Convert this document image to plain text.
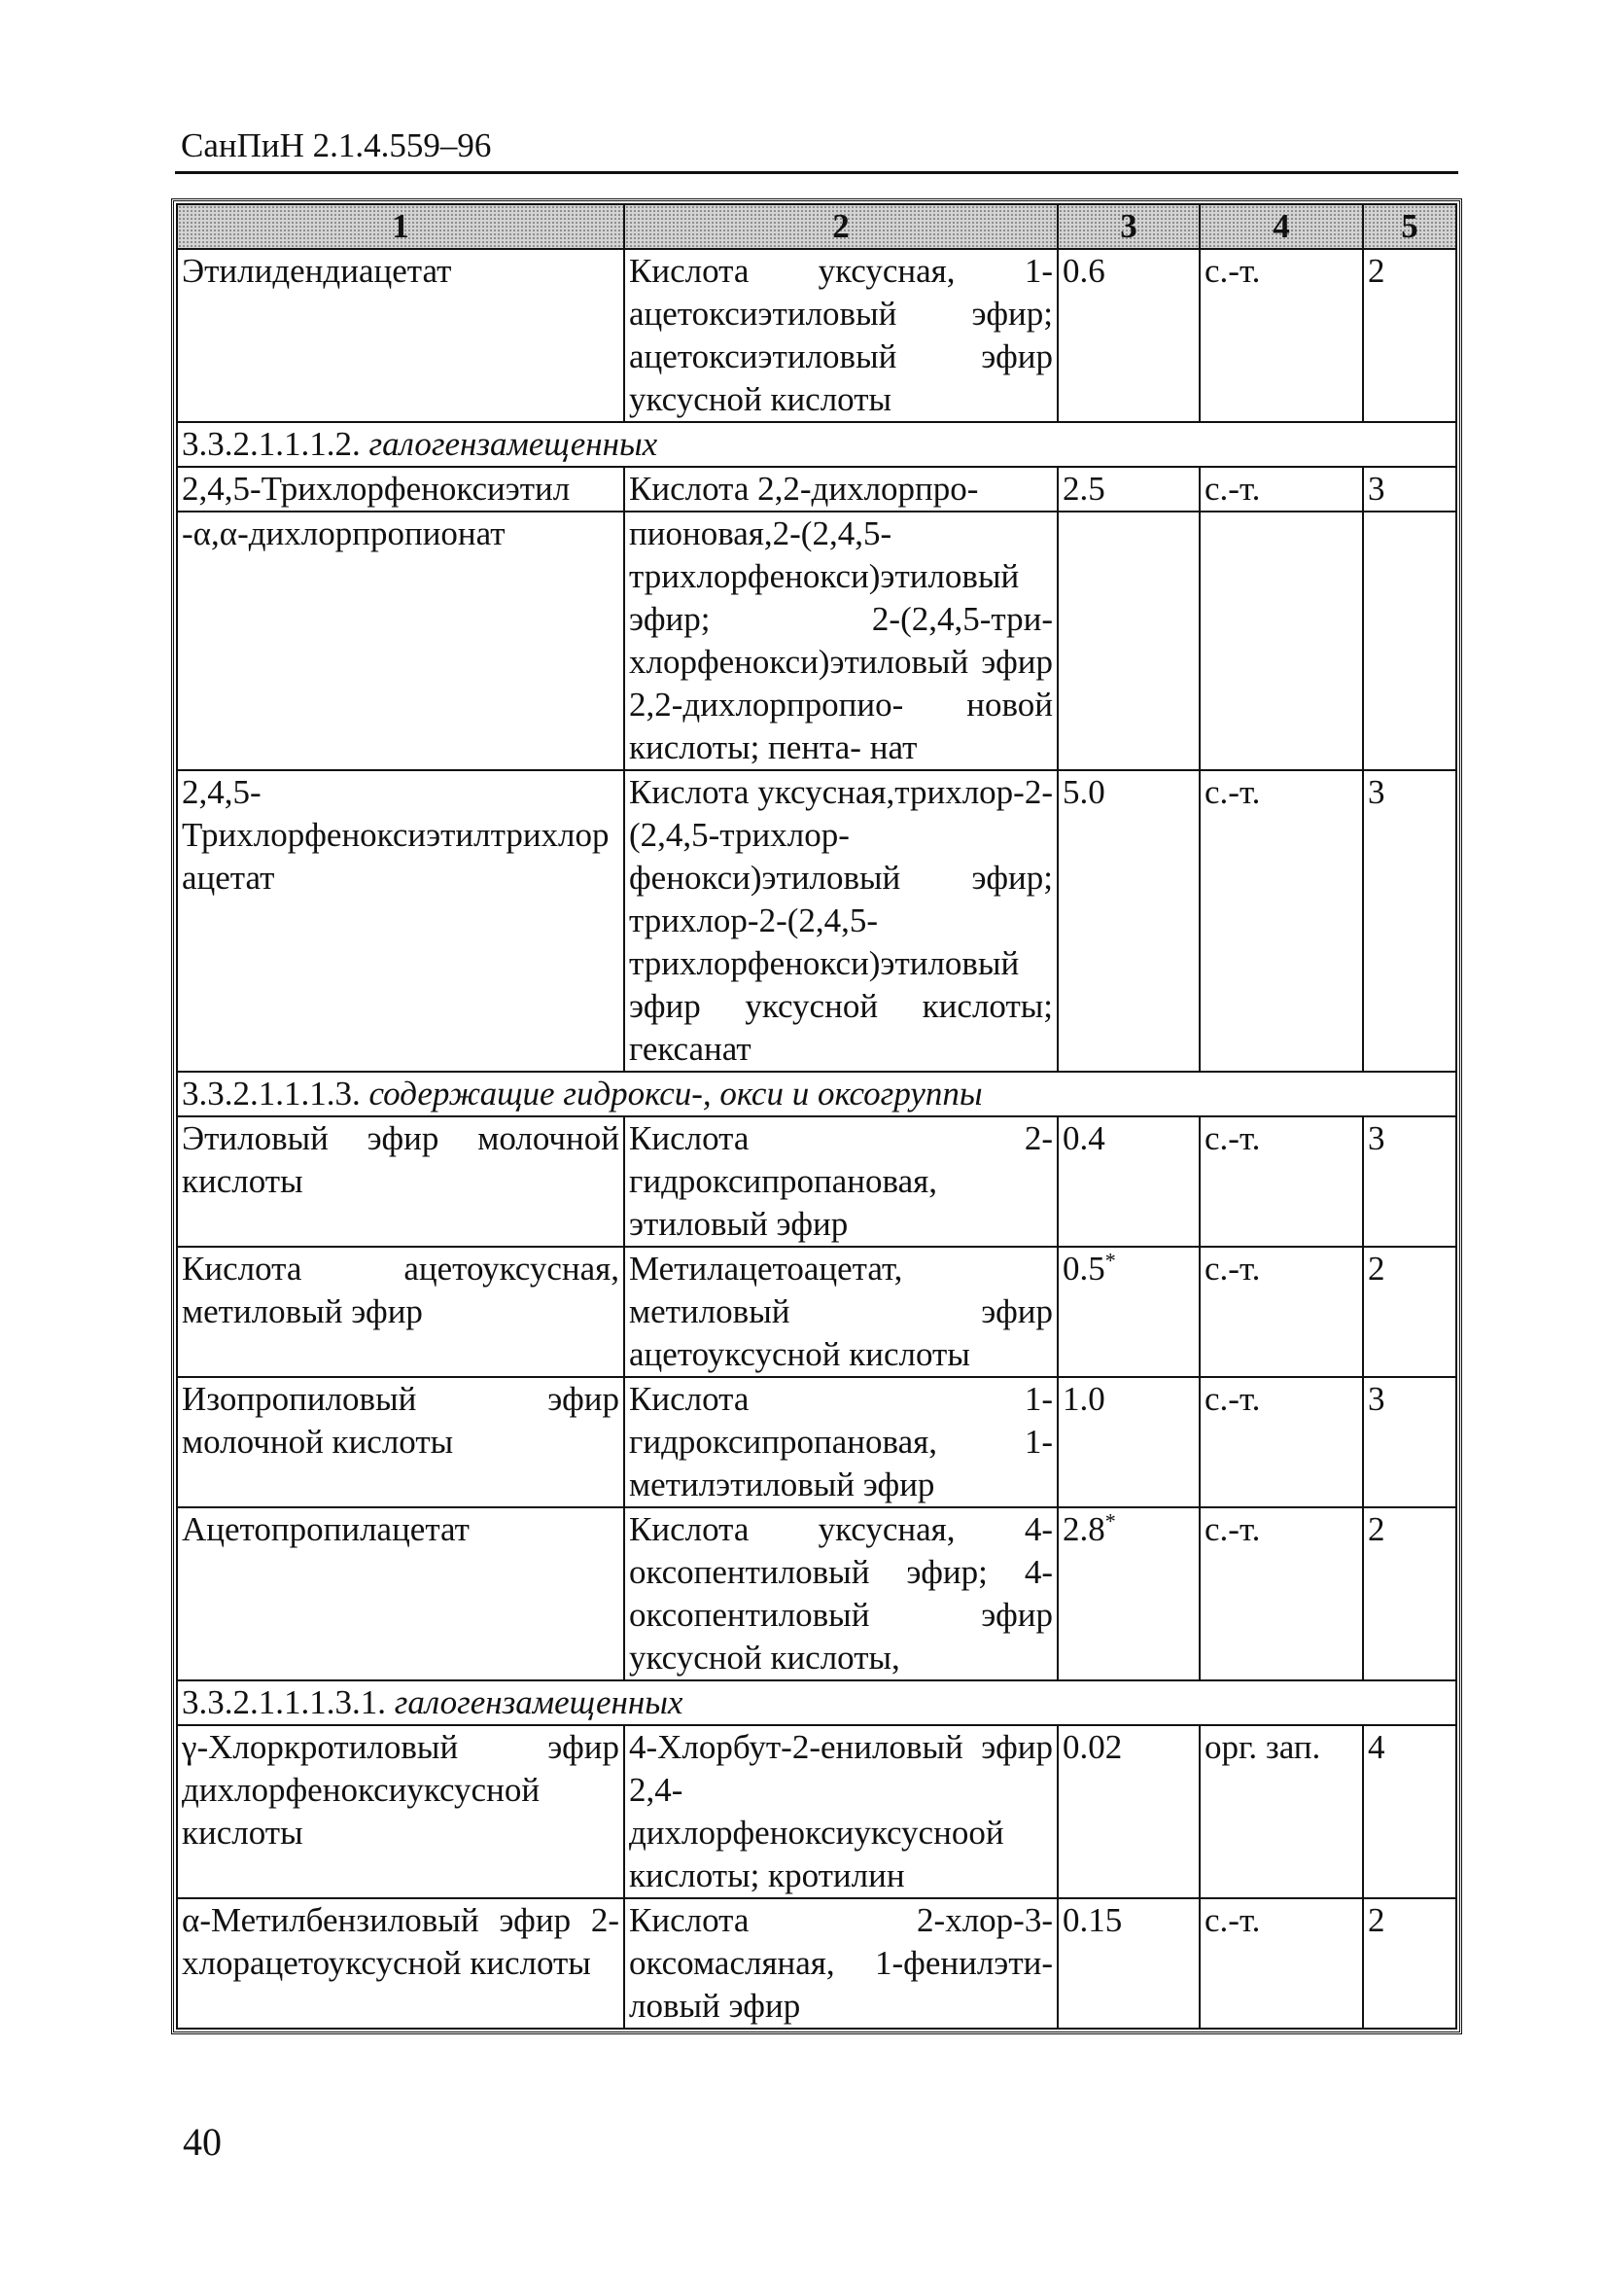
СанПиН 2.1.4.559–96
1	2	3	4	5
Этилидендиацетат	Кислота уксусная, 1- ацетоксиэтиловый эфир; ацетоксиэтиловый эфир уксусной кислоты	0.6	с.-т.	2
3.3.2.1.1.1.2. галогензамещенных				
2,4,5-Трихлорфеноксиэтил	Кислота 2,2-дихлорпро-	2.5	с.-т.	3
-α,α-дихлорпропионат	пионовая,2-(2,4,5-трихлорфенокси)этиловый эфир; 2-(2,4,5-три- хлорфенокси)этиловый эфир 2,2-дихлорпропио- новой кислоты; пента- нат			
2,4,5-Трихлорфеноксиэтилтрихлорацетат	Кислота уксусная,трихлор-2-(2,4,5-трихлор- фенокси)этиловый эфир; трихлор-2-(2,4,5-трихлорфенокси)этиловый эфир уксусной кислоты; гексанат	5.0	с.-т.	3
3.3.2.1.1.1.3. содержащие гидрокси-, окси и оксогруппы				
Этиловый эфир молочной кислоты	Кислота 2-гидроксипропановая, этиловый эфир	0.4	с.-т.	3
Кислота ацетоуксусная, метиловый эфир	Метилацетоацетат, метиловый эфир ацетоуксусной кислоты	0.5*	с.-т.	2
Изопропиловый эфир молочной кислоты	Кислота 1-гидроксипропановая, 1-метилэтиловый эфир	1.0	с.-т.	3
Ацетопропилацетат	Кислота уксусная, 4- оксопентиловый эфир; 4-оксопентиловый эфир уксусной кислоты,	2.8*	с.-т.	2
3.3.2.1.1.1.3.1. галогензамещенных				
γ-Хлоркротиловый эфир дихлорфеноксиуксусной кислоты	4-Хлорбут-2-ениловый эфир 2,4-дихлорфеноксиуксусноой кислоты; кротилин	0.02	орг. зап.	4
α-Метилбензиловый эфир 2-хлорацетоуксусной кислоты	Кислота 2-хлор-3-оксомасляная, 1-фенилэти- ловый эфир	0.15	с.-т.	2
40
